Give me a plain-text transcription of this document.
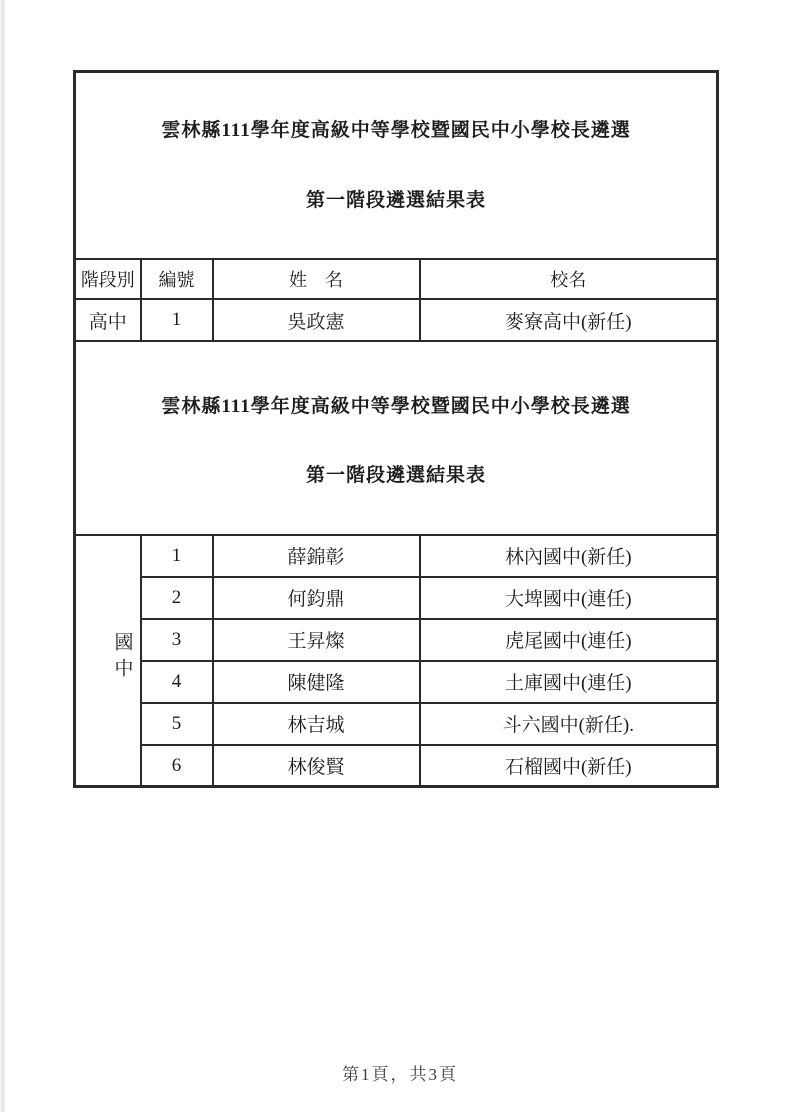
雲林縣111學年度高級中等學校暨國民中小學校長遴選

第一階段遴選結果表			

階段別	編號	姓　名	校名
高中	1	吳政憲	麥寮高中(新任)

雲林縣111學年度高級中等學校暨國民中小學校長遴選

第一階段遴選結果表			

國中	1	薛錦彰	林內國中(新任)
	2	何鈞鼎	大埤國中(連任)
	3	王昇燦	虎尾國中(連任)
	4	陳健隆	土庫國中(連任)
	5	林吉城	斗六國中(新任).
	6	林俊賢	石榴國中(新任)
第1頁，共3頁
